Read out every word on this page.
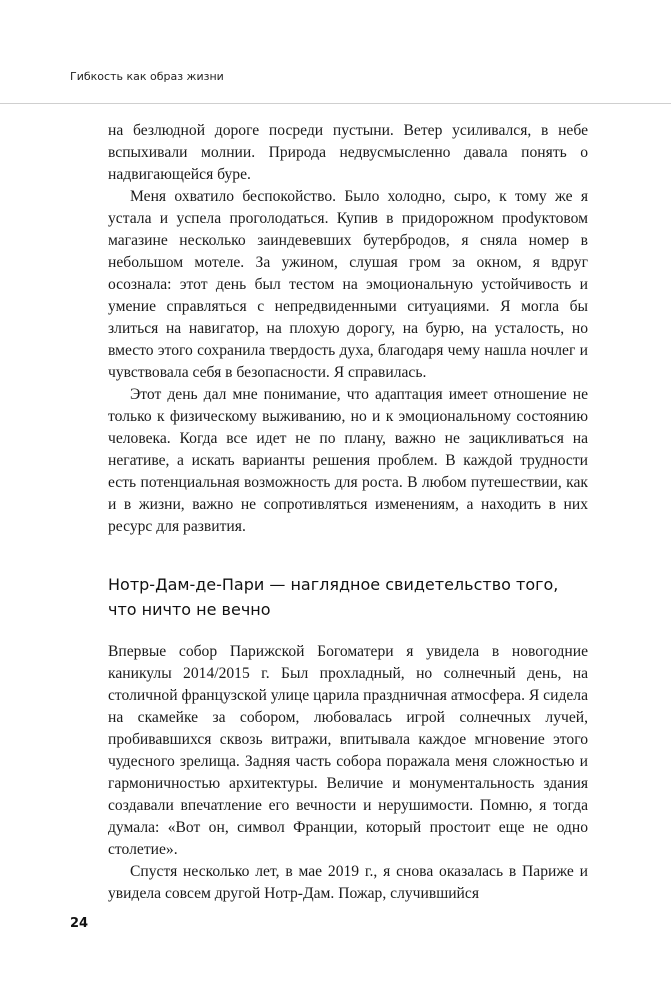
Гибкость как образ жизни

на безлюдной дороге посреди пустыни. Ветер усиливался, в небе вспыхивали молнии. Природа недвусмысленно давала понять о надвигающейся буре.

Меня охватило беспокойство. Было холодно, сыро, к тому же я устала и успела проголодаться. Купив в придорожном проdуктовом магазине несколько заиндевевших бутербродов, я сняла номер в небольшом мотеле. За ужином, слушая гром за окном, я вдруг осознала: этот день был тестом на эмоциональную устойчивость и умение справляться с непредвиденными ситуациями. Я могла бы злиться на навигатор, на плохую дорогу, на бурю, на усталость, но вместо этого сохранила твердость духа, благодаря чему нашла ночлег и чувствовала себя в безопасности. Я справилась.

Этот день дал мне понимание, что адаптация имеет отношение не только к физическому выживанию, но и к эмоциональному состоянию человека. Когда все идет не по плану, важно не зацикливаться на негативе, а искать варианты решения проблем. В каждой трудности есть потенциальная возможность для роста. В любом путешествии, как и в жизни, важно не сопротивляться изменениям, а находить в них ресурс для развития.

Нотр-Дам-де-Пари — наглядное свидетельство того, что ничто не вечно

Впервые собор Парижской Богоматери я увидела в новогодние каникулы 2014/2015 г. Был прохладный, но солнечный день, на столичной французской улице царила праздничная атмосфера. Я сидела на скамейке за собором, любовалась игрой солнечных лучей, пробивавшихся сквозь витражи, впитывала каждое мгновение этого чудесного зрелища. Задняя часть собора поражала меня сложностью и гармоничностью архитектуры. Величие и монументальность здания создавали впечатление его вечности и нерушимости. Помню, я тогда думала: «Вот он, символ Франции, который простоит еще не одно столетие».

Спустя несколько лет, в мае 2019 г., я снова оказалась в Париже и увидела совсем другой Нотр-Дам. Пожар, случившийся

24
